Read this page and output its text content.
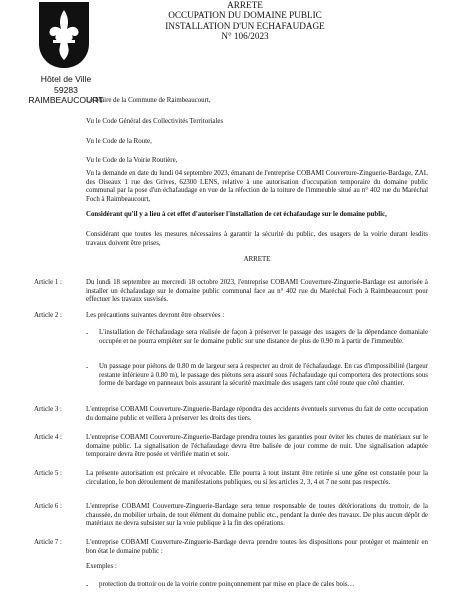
ARRETE
OCCUPATION DU DOMAINE PUBLIC
INSTALLATION D'UN ECHAFAUDAGE
N° 106/2023
Hôtel de Ville
59283 RAIMBEAUCOURT
Le Maire de la Commune de Raimbeaucourt,
Vu le Code Général des Collectivités Territoriales
Vu le Code de la Route,
Vu le Code de la Voirie Routière,
Vu la demande en date du lundi 04 septembre 2023, émanant de l'entreprise COBAMI Couverture-Zinguerie-Bardage, ZAL des Oiseaux 1 rue des Grives, 62300 LENS, relative à une autorisation d'occupation temporaire du domaine public communal par la pose d'un échafaudage en vue de la réfection de la toiture de l'immeuble situé au n° 402 rue du Maréchal Foch à Raimbeaucourt,
Considérant qu'il y a lieu à cet effet d'autoriser l'installation de cet échafaudage sur le domaine public,
Considérant que toutes les mesures nécessaires à garantir la sécurité du public, des usagers de la voirie durant lesdits travaux doivent être prises,
ARRETE
Article 1 :	Du lundi 18 septembre au mercredi 18 octobre 2023, l'entreprise COBAMI Couverture-Zinguerie-Bardage est autorisée à installer un échafaudage sur le domaine public communal face au n° 402 rue du Maréchal Foch à Raimbeaucourt pour effectuer les travaux susvisés.
Article 2 :	Les précautions suivantes devront être observées :
- L'installation de l'échafaudage sera réalisée de façon à préserver le passage des usagers de la dépendance domaniale occupée et ne pourra empiéter sur le domaine public sur une distance de plus de 0.90 m à partir de l'immeuble.
- Un passage pour piétons de 0.80 m de largeur sera à respecter au droit de l'échafaudage. En cas d'impossibilité (largeur restante inférieure à 0.80 m), le passage des piétons sera assuré sous l'échafaudage qui comportera des protections sous forme de bardage en panneaux bois assurant la sécurité maximale des usagers tant côté route que côté chantier.
Article 3 :	L'entreprise COBAMI Couverture-Zinguerie-Bardage répondra des accidents éventuels survenus du fait de cette occupation du domaine public et veillera à préserver les droits des tiers.
Article 4 :	L'entreprise COBAMI Couverture-Zinguerie-Bardage prendra toutes les garanties pour éviter les chutes de matériaux sur le domaine public. La signalisation de l'échafaudage devra être balisée de jour comme de nuit. Une signalisation adaptée temporaire devra être posée et vérifiée matin et soir.
Article 5 :	La présente autorisation est précaire et révocable. Elle pourra à tout instant être retirée si une gêne est constatée pour la circulation, le bon déroulement de manifestations publiques, ou si les articles 2, 3, 4 et 7 ne sont pas respectés.
Article 6 :	L'entreprise COBAMI Couverture-Zinguerie-Bardage sera tenue responsable de toutes détériorations du trottoir, de la chaussée, du mobilier urbain, de tout élément du domaine public etc., pendant la durée des travaux. De plus aucun dépôt de matériaux ne devra subsister sur la voie publique à la fin des opérations.
Article 7 :	L'entreprise COBAMI Couverture-Zinguerie-Bardage devra prendre toutes les dispositions pour protéger et maintenir en bon état le domaine public :
Exemples :
- protection du trottoir ou de la voirie contre poinçonnement par mise en place de cales bois…
